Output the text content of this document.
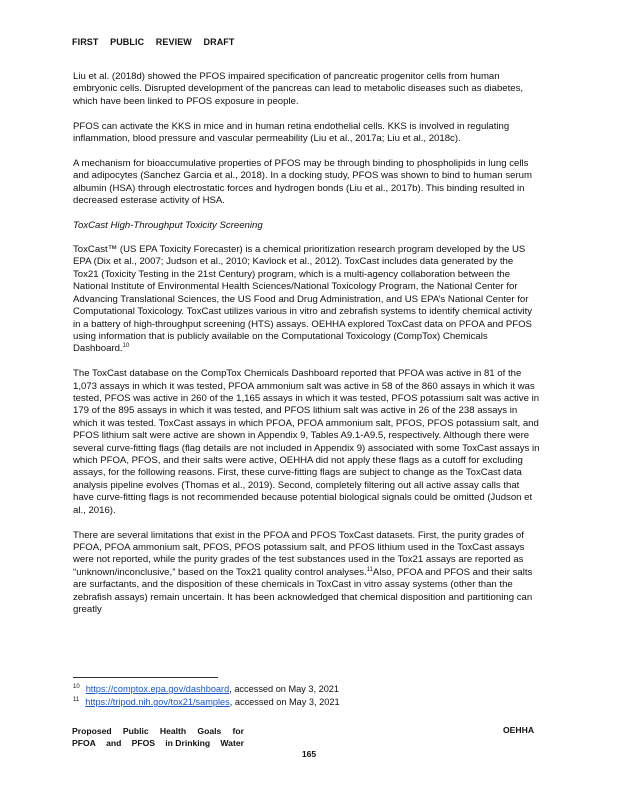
FIRST PUBLIC REVIEW DRAFT

Liu et al. (2018d) showed the PFOS impaired specification of pancreatic progenitor cells from human embryonic cells. Disrupted development of the pancreas can lead to metabolic diseases such as diabetes, which have been linked to PFOS exposure in people.

PFOS can activate the KKS in mice and in human retina endothelial cells. KKS is involved in regulating inflammation, blood pressure and vascular permeability (Liu et al., 2017a; Liu et al., 2018c).

A mechanism for bioaccumulative properties of PFOS may be through binding to phospholipids in lung cells and adipocytes (Sanchez Garcia et al., 2018). In a docking study, PFOS was shown to bind to human serum albumin (HSA) through electrostatic forces and hydrogen bonds (Liu et al., 2017b). This binding resulted in decreased esterase activity of HSA.

ToxCast High-Throughput Toxicity Screening

ToxCast™ (US EPA Toxicity Forecaster) is a chemical prioritization research program developed by the US EPA (Dix et al., 2007; Judson et al., 2010; Kavlock et al., 2012). ToxCast includes data generated by the Tox21 (Toxicity Testing in the 21st Century) program, which is a multi-agency collaboration between the National Institute of Environmental Health Sciences/National Toxicology Program, the National Center for Advancing Translational Sciences, the US Food and Drug Administration, and US EPA’s National Center for Computational Toxicology. ToxCast utilizes various in vitro and zebrafish systems to identify chemical activity in a battery of high-throughput screening (HTS) assays. OEHHA explored ToxCast data on PFOA and PFOS using information that is publicly available on the Computational Toxicology (CompTox) Chemicals Dashboard.$^{10}$

The ToxCast database on the CompTox Chemicals Dashboard reported that PFOA was active in 81 of the 1,073 assays in which it was tested, PFOA ammonium salt was active in 58 of the 860 assays in which it was tested, PFOS was active in 260 of the 1,165 assays in which it was tested, PFOS potassium salt was active in 179 of the 895 assays in which it was tested, and PFOS lithium salt was active in 26 of the 238 assays in which it was tested. ToxCast assays in which PFOA, PFOA ammonium salt, PFOS, PFOS potassium salt, and PFOS lithium salt were active are shown in Appendix 9, Tables A9.1-A9.5, respectively. Although there were several curve-fitting flags (flag details are not included in Appendix 9) associated with some ToxCast assays in which PFOA, PFOS, and their salts were active, OEHHA did not apply these flags as a cutoff for excluding assays, for the following reasons. First, these curve-fitting flags are subject to change as the ToxCast data analysis pipeline evolves (Thomas et al., 2019). Second, completely filtering out all active assay calls that have curve-fitting flags is not recommended because potential biological signals could be omitted (Judson et al., 2016).

There are several limitations that exist in the PFOA and PFOS ToxCast datasets. First, the purity grades of PFOA, PFOA ammonium salt, PFOS, PFOS potassium salt, and PFOS lithium used in the ToxCast assays were not reported, while the purity grades of the test substances used in the Tox21 assays are reported as “unknown/inconclusive,” based on the Tox21 quality control analyses.$^{11}$Also, PFOA and PFOS and their salts are surfactants, and the disposition of these chemicals in ToxCast in vitro assay systems (other than the zebrafish assays) remain uncertain. It has been acknowledged that chemical disposition and partitioning can greatly

$^{10}$ https://comptox.epa.gov/dashboard, accessed on May 3, 2021
$^{11}$ https://tripod.nih.gov/tox21/samples, accessed on May 3, 2021
Proposed Public Health Goals for
PFOA and PFOS in Drinking Water
OEHHA
165
